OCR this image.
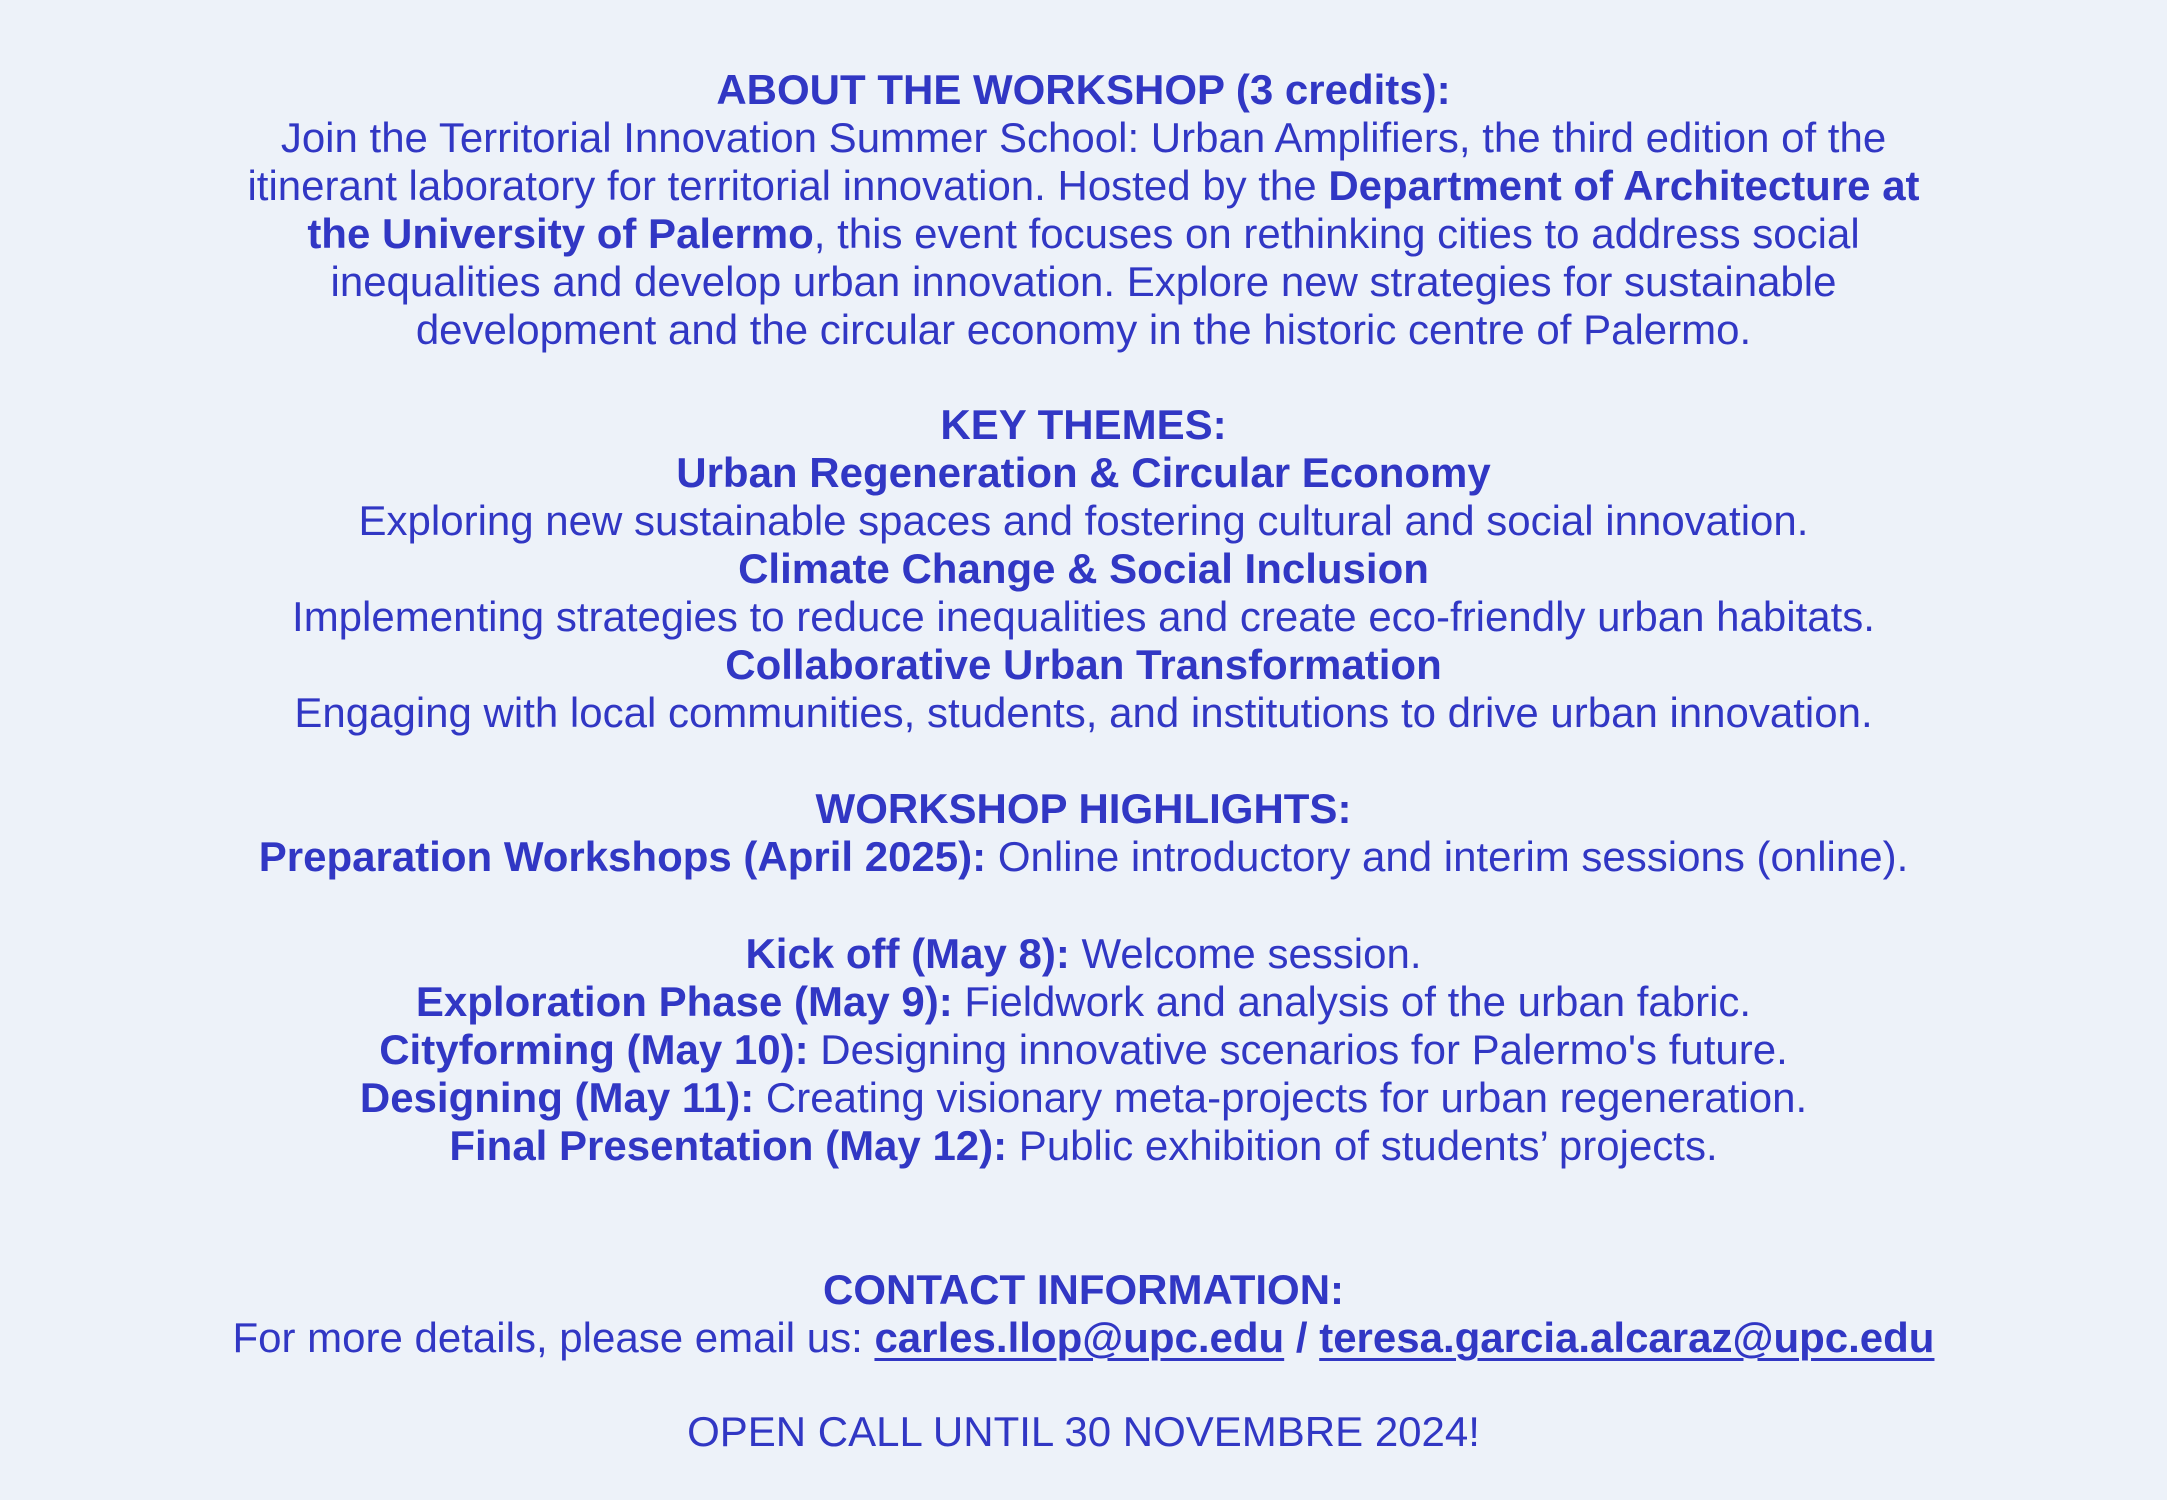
ABOUT THE WORKSHOP (3 credits):
Join the Territorial Innovation Summer School: Urban Amplifiers, the third edition of the
itinerant laboratory for territorial innovation. Hosted by the Department of Architecture at
the University of Palermo, this event focuses on rethinking cities to address social
inequalities and develop urban innovation. Explore new strategies for sustainable
development and the circular economy in the historic centre of Palermo.
KEY THEMES:
Urban Regeneration & Circular Economy
Exploring new sustainable spaces and fostering cultural and social innovation.
Climate Change & Social Inclusion
Implementing strategies to reduce inequalities and create eco-friendly urban habitats.
Collaborative Urban Transformation
Engaging with local communities, students, and institutions to drive urban innovation.
WORKSHOP HIGHLIGHTS:
Preparation Workshops (April 2025): Online introductory and interim sessions (online).
Kick off (May 8): Welcome session.
Exploration Phase (May 9): Fieldwork and analysis of the urban fabric.
Cityforming (May 10): Designing innovative scenarios for Palermo's future.
Designing (May 11): Creating visionary meta-projects for urban regeneration.
Final Presentation (May 12): Public exhibition of students’ projects.
CONTACT INFORMATION:
For more details, please email us: carles.llop@upc.edu / teresa.garcia.alcaraz@upc.edu
OPEN CALL UNTIL 30 NOVEMBRE 2024!
